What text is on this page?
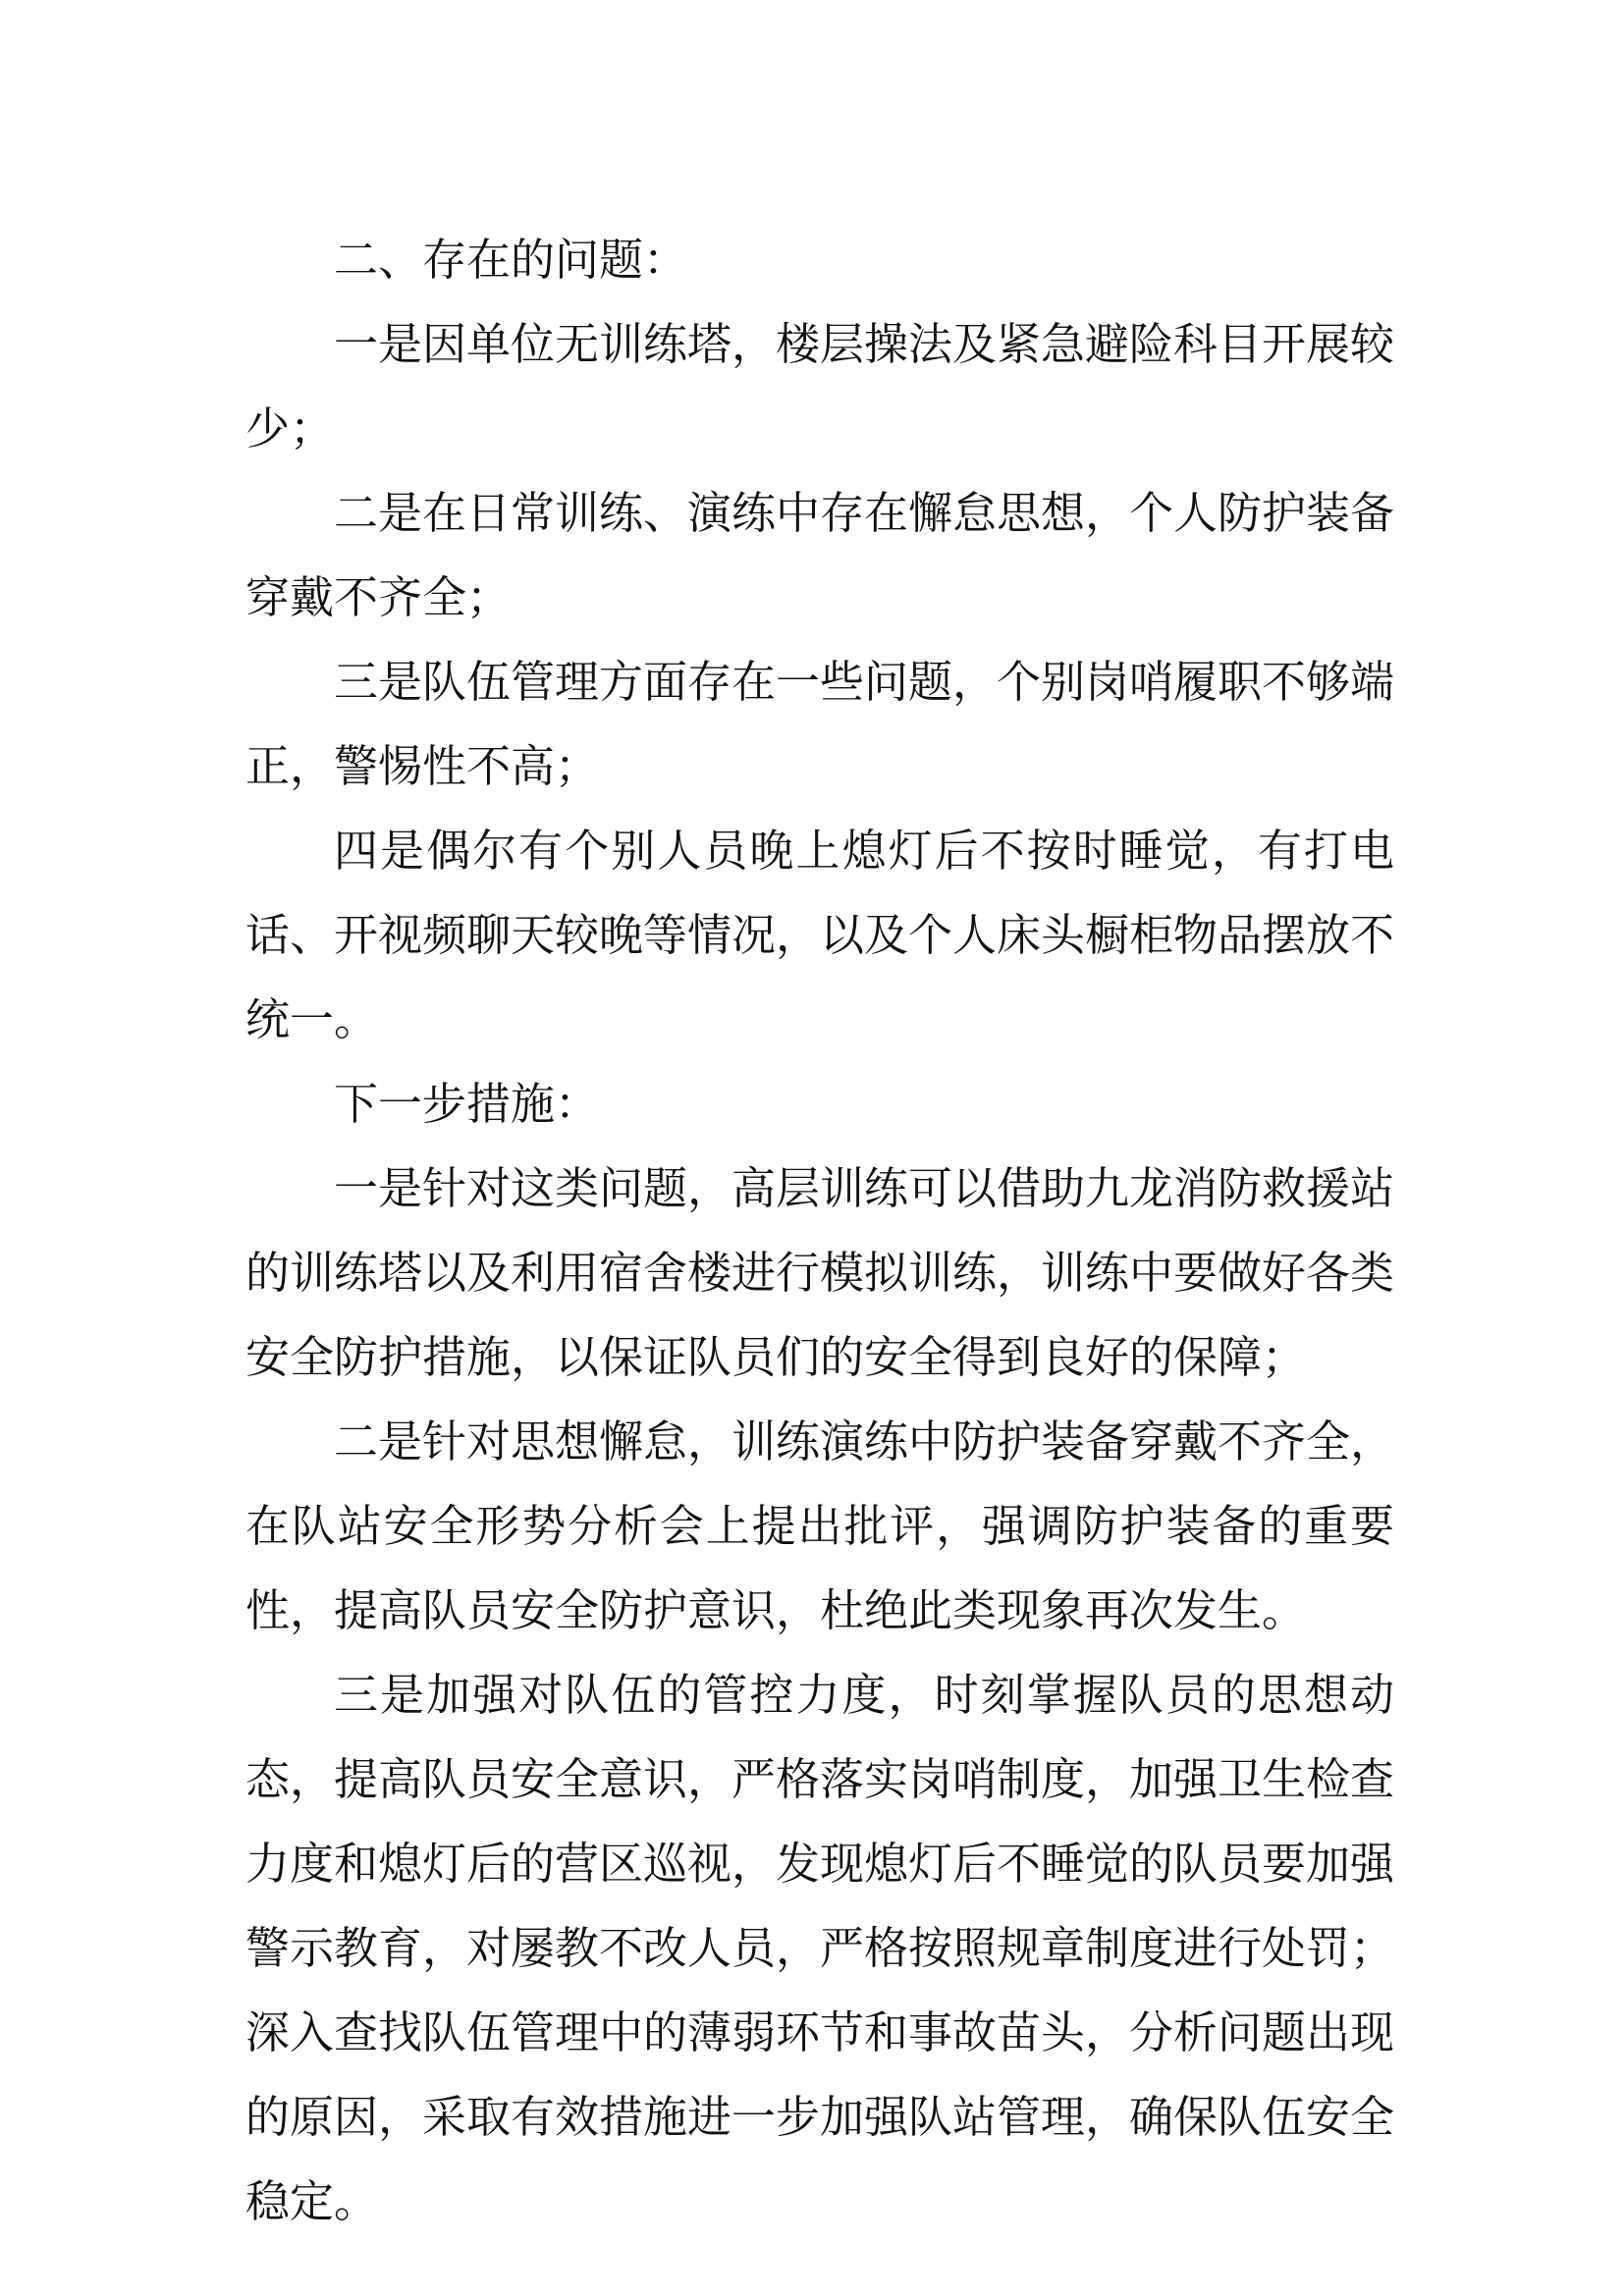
二、存在的问题：

一是因单位无训练塔，楼层操法及紧急避险科目开展较少；

二是在日常训练、演练中存在懈怠思想，个人防护装备穿戴不齐全；

三是队伍管理方面存在一些问题，个别岗哨履职不够端正，警惕性不高；

四是偶尔有个别人员晚上熄灯后不按时睡觉，有打电话、开视频聊天较晚等情况，以及个人床头橱柜物品摆放不统一。

下一步措施：

一是针对这类问题，高层训练可以借助九龙消防救援站的训练塔以及利用宿舍楼进行模拟训练，训练中要做好各类安全防护措施，以保证队员们的安全得到良好的保障；

二是针对思想懈怠，训练演练中防护装备穿戴不齐全，在队站安全形势分析会上提出批评，强调防护装备的重要性，提高队员安全防护意识，杜绝此类现象再次发生。

三是加强对队伍的管控力度，时刻掌握队员的思想动态，提高队员安全意识，严格落实岗哨制度，加强卫生检查力度和熄灯后的营区巡视，发现熄灯后不睡觉的队员要加强警示教育，对屡教不改人员，严格按照规章制度进行处罚；深入查找队伍管理中的薄弱环节和事故苗头，分析问题出现的原因，采取有效措施进一步加强队站管理，确保队伍安全稳定。
